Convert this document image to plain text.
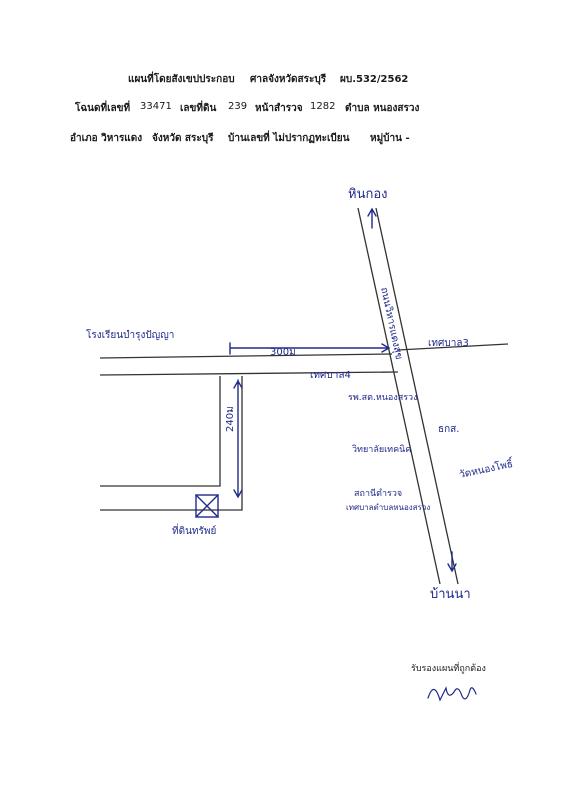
แผนที่โดยสังเขปประกอบ ศาลจังหวัดสระบุรี ผบ.532/2562
โฉนดที่เลขที่ 33471 เลขที่ดิน 239 หน้าสำรวจ 1282 ตำบล หนองสรวง
อำเภอ วิหารแดง จังหวัด สระบุรี บ้านเลขที่ ไม่ปรากฏทะเบียน หมู่บ้าน -
หินกอง
บ้านนา
ถนนวิหารแดงสุข
โรงเรียนบำรุงปัญญา
300ม
เทศบาล4
เทศบาล3
240ม
ที่ดินทรัพย์
รพ.สต.หนองสรวง
ธกส.
วิทยาลัยเทคนิค
วัดหนองโพธิ์
เทศบาลตำบลหนองสรวง
สถานีตำรวจ
รับรองแผนที่ถูกต้อง
